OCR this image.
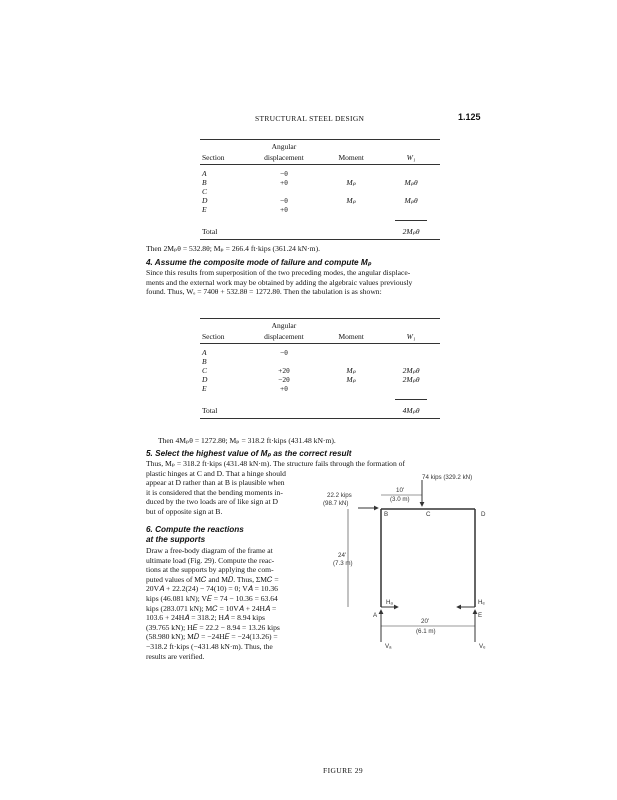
STRUCTURAL STEEL DESIGN	1.125
	Angular		
Section	displacement	Moment	W₁

A	−θ		
B	+θ	Mₚ	Mₚθ
C			
D	−θ	Mₚ	Mₚθ
E	+θ		

Total			2Mₚθ
Then 2Mₚθ = 532.8θ; Mₚ = 266.4 ft·kips (361.24 kN·m).
4. Assume the composite mode of failure and compute Mₚ
Since this results from superposition of the two preceding modes, the angular displace-
ments and the external work may be obtained by adding the algebraic values previously
found. Thus, Wₑ = 740θ + 532.8θ = 1272.8θ. Then the tabulation is as shown:
	Angular		
Section	displacement	Moment	W₁

A	−θ		
B			
C	+2θ	Mₚ	2Mₚθ
D	−2θ	Mₚ	2Mₚθ
E	+θ		

Total			4Mₚθ
Then 4Mₚθ = 1272.8θ; Mₚ = 318.2 ft·kips (431.48 kN·m).
5. Select the highest value of Mₚ as the correct result
Thus, Mₚ = 318.2 ft·kips (431.48 kN·m). The structure fails through the formation of
plastic hinges at C and D. That a hinge should
appear at D rather than at B is plausible when
it is considered that the bending moments in-
duced by the two loads are of like sign at D
but of opposite sign at B.
6. Compute the reactions
at the supports
Draw a free-body diagram of the frame at
ultimate load (Fig. 29). Compute the reac-
tions at the supports by applying the com-
puted values of M𝐶 and M𝐷. Thus, ΣM𝐶 =
20V𝐴 + 22.2(24) − 74(10) = 0; V𝐴 = 10.36
kips (46.081 kN); V𝐸 = 74 − 10.36 = 63.64
kips (283.071 kN); M𝐶 = 10V𝐴 + 24H𝐴 =
103.6 + 24H𝐴 = 318.2; H𝐴 = 8.94 kips
(39.765 kN); H𝐸 = 22.2 − 8.94 = 13.26 kips
(58.980 kN); M𝐷 = −24H𝐸 = −24(13.26) =
−318.2 ft·kips (−431.48 kN·m). Thus, the
results are verified.
74 kips (329.2 kN)
22.2 kips
(98.7 kN)
10'
(3.0 m)
B	C	D
A	E
24'
(7.3 m)
Hₐ	Hₑ
Vₐ	Vₑ
20'
(6.1 m)
FIGURE 29
